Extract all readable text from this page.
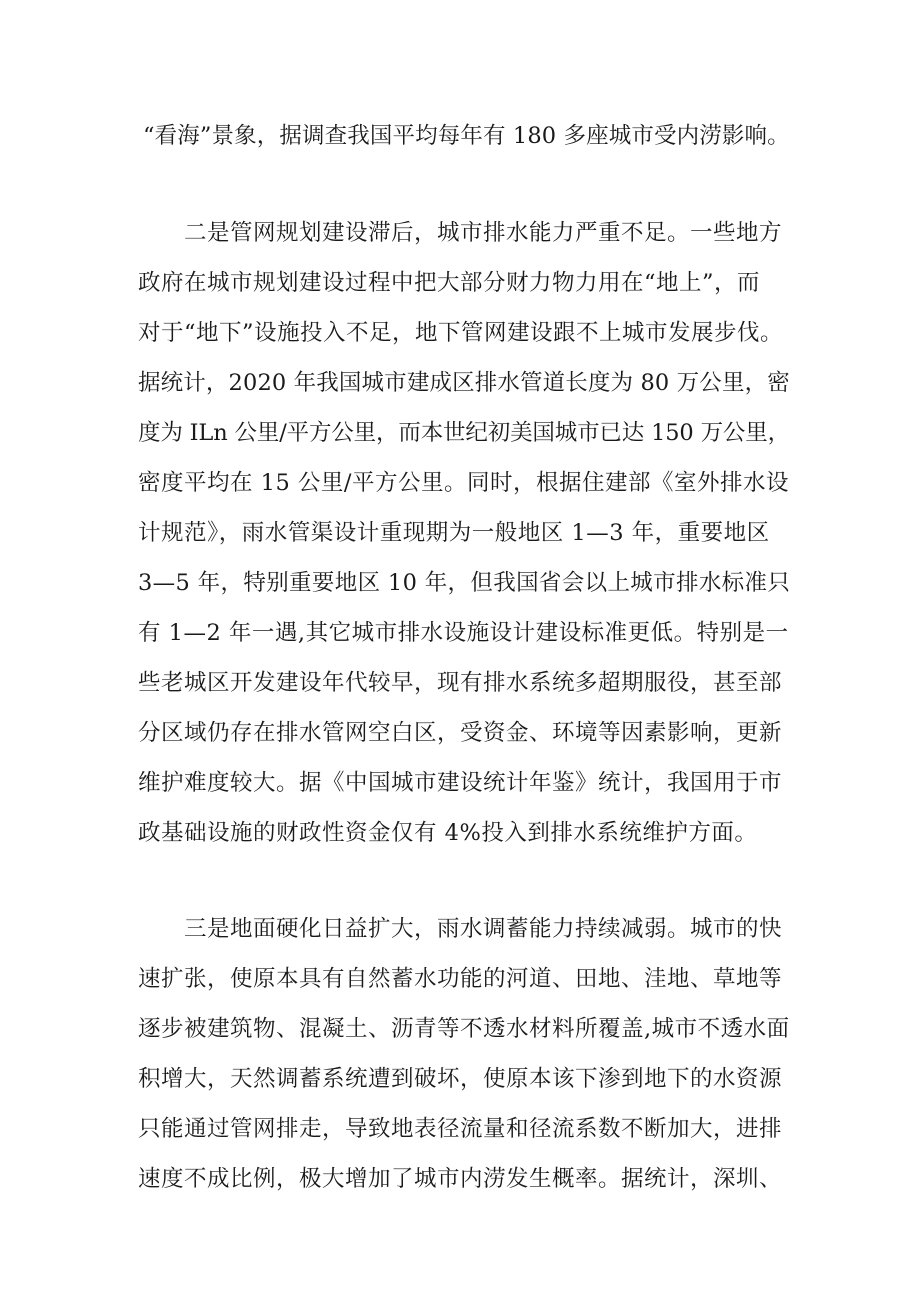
“看海”景象，据调查我国平均每年有 180 多座城市受内涝影响。
二是管网规划建设滞后，城市排水能力严重不足。一些地方
政府在城市规划建设过程中把大部分财力物力用在“地上”，而
对于“地下”设施投入不足，地下管网建设跟不上城市发展步伐。
据统计，2020 年我国城市建成区排水管道长度为 80 万公里，密
度为 ILn 公里/平方公里，而本世纪初美国城市已达 150 万公里，
密度平均在 15 公里/平方公里。同时，根据住建部《室外排水设
计规范》，雨水管渠设计重现期为一般地区 1—3 年，重要地区
3—5 年，特别重要地区 10 年，但我国省会以上城市排水标准只
有 1—2 年一遇,其它城市排水设施设计建设标准更低。特别是一
些老城区开发建设年代较早，现有排水系统多超期服役，甚至部
分区域仍存在排水管网空白区，受资金、环境等因素影响，更新
维护难度较大。据《中国城市建设统计年鉴》统计，我国用于市
政基础设施的财政性资金仅有 4%投入到排水系统维护方面。
三是地面硬化日益扩大，雨水调蓄能力持续减弱。城市的快
速扩张，使原本具有自然蓄水功能的河道、田地、洼地、草地等
逐步被建筑物、混凝土、沥青等不透水材料所覆盖,城市不透水面
积增大，天然调蓄系统遭到破坏，使原本该下渗到地下的水资源
只能通过管网排走，导致地表径流量和径流系数不断加大，进排
速度不成比例，极大增加了城市内涝发生概率。据统计，深圳、
